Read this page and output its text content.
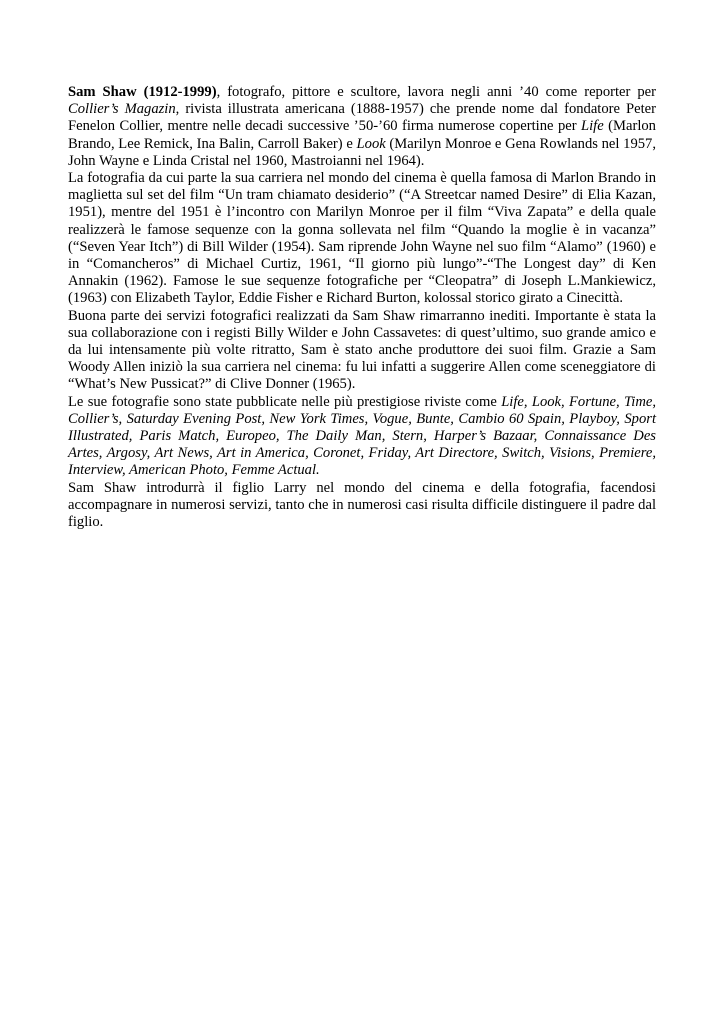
Sam Shaw (1912-1999), fotografo, pittore e scultore, lavora negli anni ’40 come reporter per Collier’s Magazin, rivista illustrata americana (1888-1957) che prende nome dal fondatore Peter Fenelon Collier, mentre nelle decadi successive ’50-’60 firma numerose copertine per Life (Marlon Brando, Lee Remick, Ina Balin, Carroll Baker) e Look (Marilyn Monroe e Gena Rowlands nel 1957, John Wayne e Linda Cristal nel 1960, Mastroianni nel 1964).

La fotografia da cui parte la sua carriera nel mondo del cinema è quella famosa di Marlon Brando in maglietta sul set del film “Un tram chiamato desiderio” (“A Streetcar named Desire” di Elia Kazan, 1951), mentre del 1951 è l’incontro con Marilyn Monroe per il film “Viva Zapata” e della quale realizzerà le famose sequenze con la gonna sollevata nel film “Quando la moglie è in vacanza” (“Seven Year Itch”) di Bill Wilder (1954). Sam riprende John Wayne nel suo film “Alamo” (1960) e in “Comancheros” di Michael Curtiz, 1961, “Il giorno più lungo”-“The Longest day” di Ken Annakin (1962). Famose le sue sequenze fotografiche per “Cleopatra” di Joseph L.Mankiewicz, (1963) con Elizabeth Taylor, Eddie Fisher e Richard Burton, kolossal storico girato a Cinecittà.

Buona parte dei servizi fotografici realizzati da Sam Shaw rimarranno inediti. Importante è stata la sua collaborazione con i registi Billy Wilder e John Cassavetes: di quest’ultimo, suo grande amico e da lui intensamente più volte ritratto, Sam è stato anche produttore dei suoi film. Grazie a Sam Woody Allen iniziò la sua carriera nel cinema: fu lui infatti a suggerire Allen come sceneggiatore di “What’s New Pussicat?” di Clive Donner (1965).

Le sue fotografie sono state pubblicate nelle più prestigiose riviste come Life, Look, Fortune, Time, Collier’s, Saturday Evening Post, New York Times, Vogue, Bunte, Cambio 60 Spain, Playboy, Sport Illustrated, Paris Match, Europeo, The Daily Man, Stern, Harper’s Bazaar, Connaissance Des Artes, Argosy, Art News, Art in America, Coronet, Friday, Art Directore, Switch, Visions, Premiere, Interview, American Photo, Femme Actual.

Sam Shaw introdurrà il figlio Larry nel mondo del cinema e della fotografia, facendosi accompagnare in numerosi servizi, tanto che in numerosi casi risulta difficile distinguere il padre dal figlio.
